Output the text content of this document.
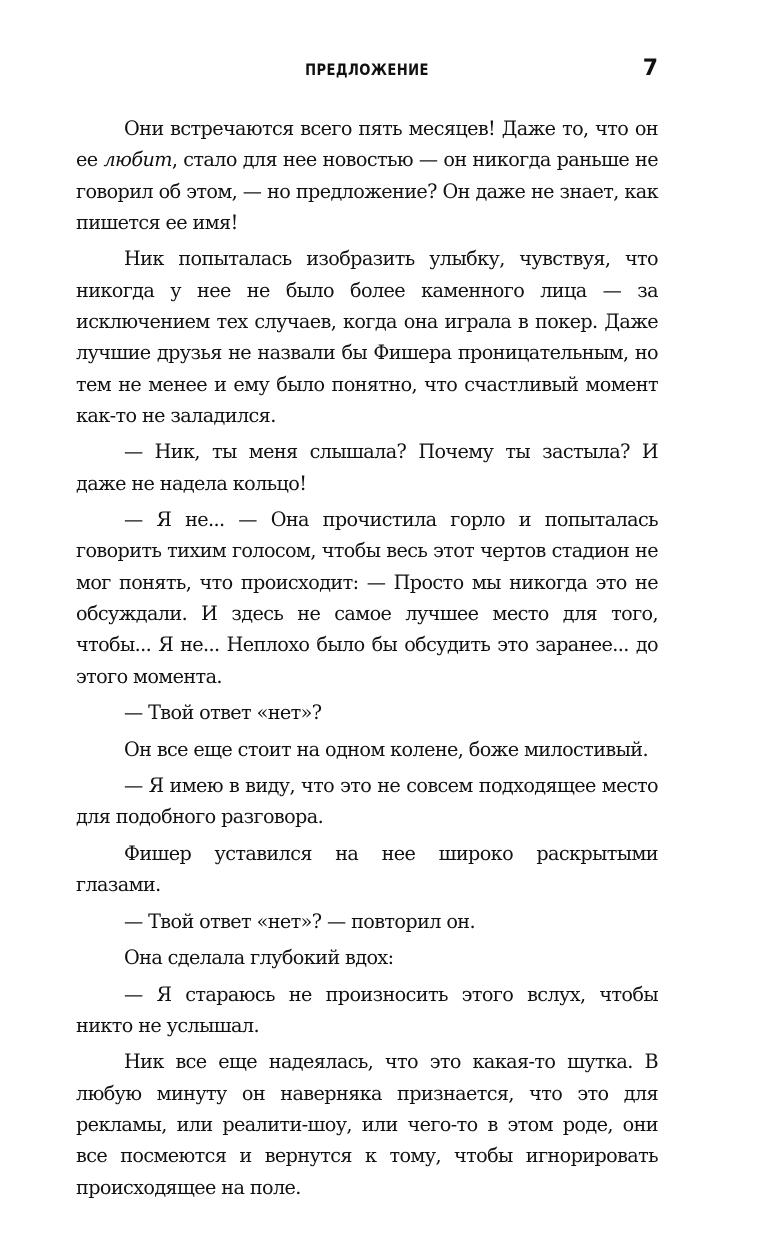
ПРЕДЛОЖЕНИЕ	7

Они встречаются всего пять месяцев! Даже то, что он ее любит, стало для нее новостью — он никогда раньше не говорил об этом, — но предложение? Он даже не знает, как пишется ее имя!

Ник попыталась изобразить улыбку, чувствуя, что никогда у нее не было более каменного лица — за исключением тех случаев, когда она играла в покер. Даже лучшие друзья не назвали бы Фишера проницательным, но тем не менее и ему было понятно, что счастливый момент как-то не заладился.

— Ник, ты меня слышала? Почему ты застыла? И даже не надела кольцо!

— Я не... — Она прочистила горло и попыталась говорить тихим голосом, чтобы весь этот чертов стадион не мог понять, что происходит: — Просто мы никогда это не обсуждали. И здесь не самое лучшее место для того, чтобы... Я не... Неплохо было бы обсудить это заранее... до этого момента.

— Твой ответ «нет»?

Он все еще стоит на одном колене, боже милостивый.

— Я имею в виду, что это не совсем подходящее место для подобного разговора.

Фишер уставился на нее широко раскрытыми глазами.

— Твой ответ «нет»? — повторил он.

Она сделала глубокий вдох:

— Я стараюсь не произносить этого вслух, чтобы никто не услышал.

Ник все еще надеялась, что это какая-то шутка. В любую минуту он наверняка признается, что это для рекламы, или реалити-шоу, или чего-то в этом роде, они все посмеются и вернутся к тому, чтобы игнорировать происходящее на поле.
